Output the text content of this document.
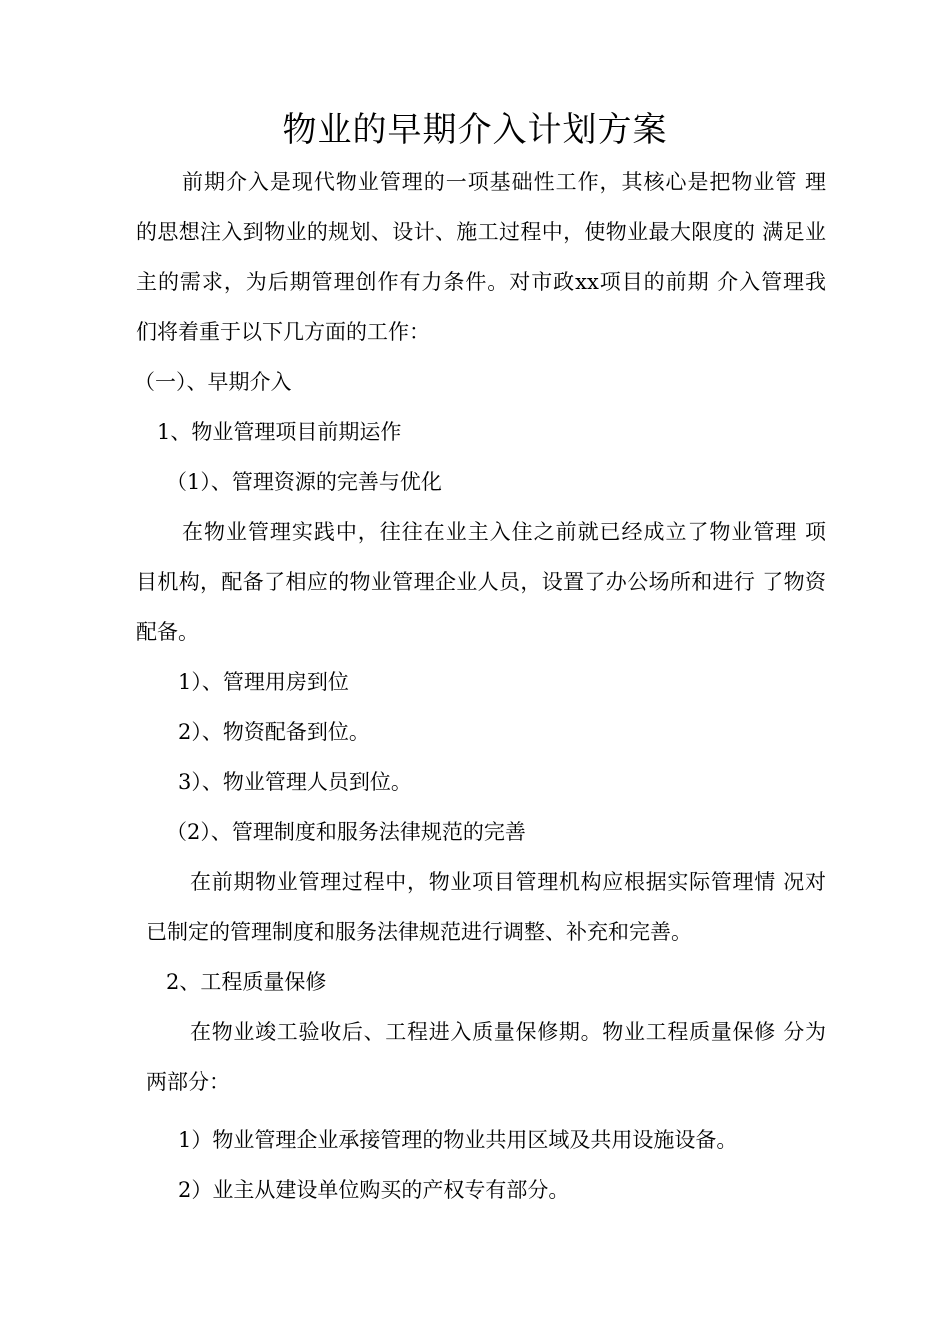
物业的早期介入计划方案
前期介入是现代物业管理的一项基础性工作，其核心是把物业管 理
的思想注入到物业的规划、设计、施工过程中，使物业最大限度的 满足业
主的需求，为后期管理创作有力条件。对市政xx项目的前期 介入管理我
们将着重于以下几方面的工作：
（一）、早期介入
1、物业管理项目前期运作
（1）、管理资源的完善与优化
在物业管理实践中，往往在业主入住之前就已经成立了物业管理 项
目机构，配备了相应的物业管理企业人员，设置了办公场所和进行 了物资
配备。
1）、管理用房到位
2）、物资配备到位。
3）、物业管理人员到位。
（2）、管理制度和服务法律规范的完善
在前期物业管理过程中，物业项目管理机构应根据实际管理情 况对
已制定的管理制度和服务法律规范进行调整、补充和完善。
2、工程质量保修
在物业竣工验收后、工程进入质量保修期。物业工程质量保修 分为
两部分：
1）物业管理企业承接管理的物业共用区域及共用设施设备。
2）业主从建设单位购买的产权专有部分。
